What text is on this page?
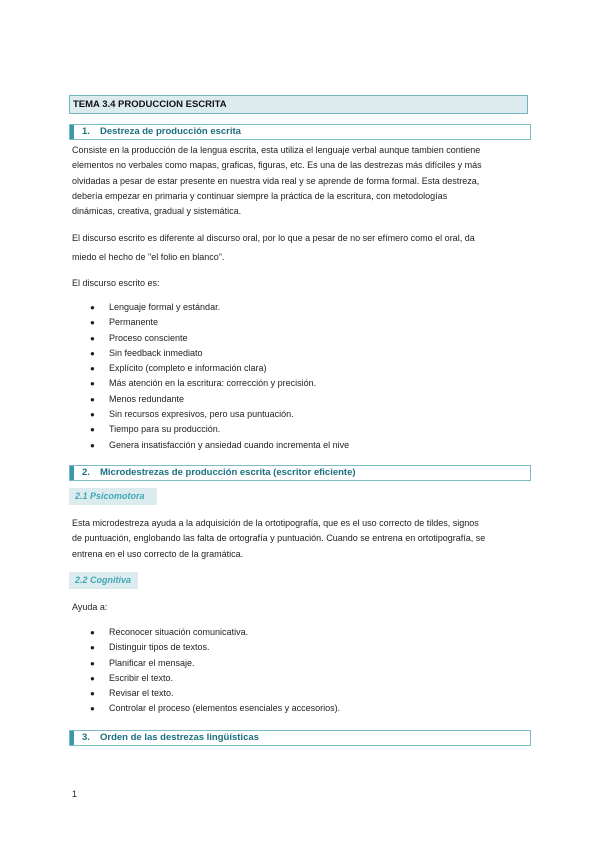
TEMA 3.4 PRODUCCION ESCRITA
1. Destreza de producción escrita
Consiste en la producción de la lengua escrita, esta utiliza el lenguaje verbal aunque tambien contiene
elementos no verbales como mapas, graficas, figuras, etc. Es una de las destrezas más difíciles y más
olvidadas a pesar de estar presente en nuestra vida real y se aprende de forma formal. Esta destreza,
debería empezar en primaria y continuar siempre la práctica de la escritura, con metodologías
dinámicas, creativa, gradual y sistemática.
El discurso escrito es diferente al discurso oral, por lo que a pesar de no ser efímero como el oral, da
miedo el hecho de "el folio en blanco".
El discurso escrito es:
● Lenguaje formal y estándar.
● Permanente
● Proceso consciente
● Sin feedback inmediato
● Explícito (completo e información clara)
● Más atención en la escritura: corrección y precisión.
● Menos redundante
● Sin recursos expresivos, pero usa puntuación.
● Tiempo para su producción.
● Genera insatisfacción y ansiedad cuando incrementa el nive
2. Microdestrezas de producción escrita (escritor eficiente)
2.1 Psicomotora
Esta microdestreza ayuda a la adquisición de la ortotipografía, que es el uso correcto de tildes, signos
de puntuación, englobando las falta de ortografía y puntuación. Cuando se entrena en ortotipografía, se
entrena en el uso correcto de la gramática.
2.2 Cognitiva
Ayuda a:
● Reconocer situación comunicativa.
● Distinguir tipos de textos.
● Planificar el mensaje.
● Escribir el texto.
● Revisar el texto.
● Controlar el proceso (elementos esenciales y accesorios).
3. Orden de las destrezas lingüísticas
1
